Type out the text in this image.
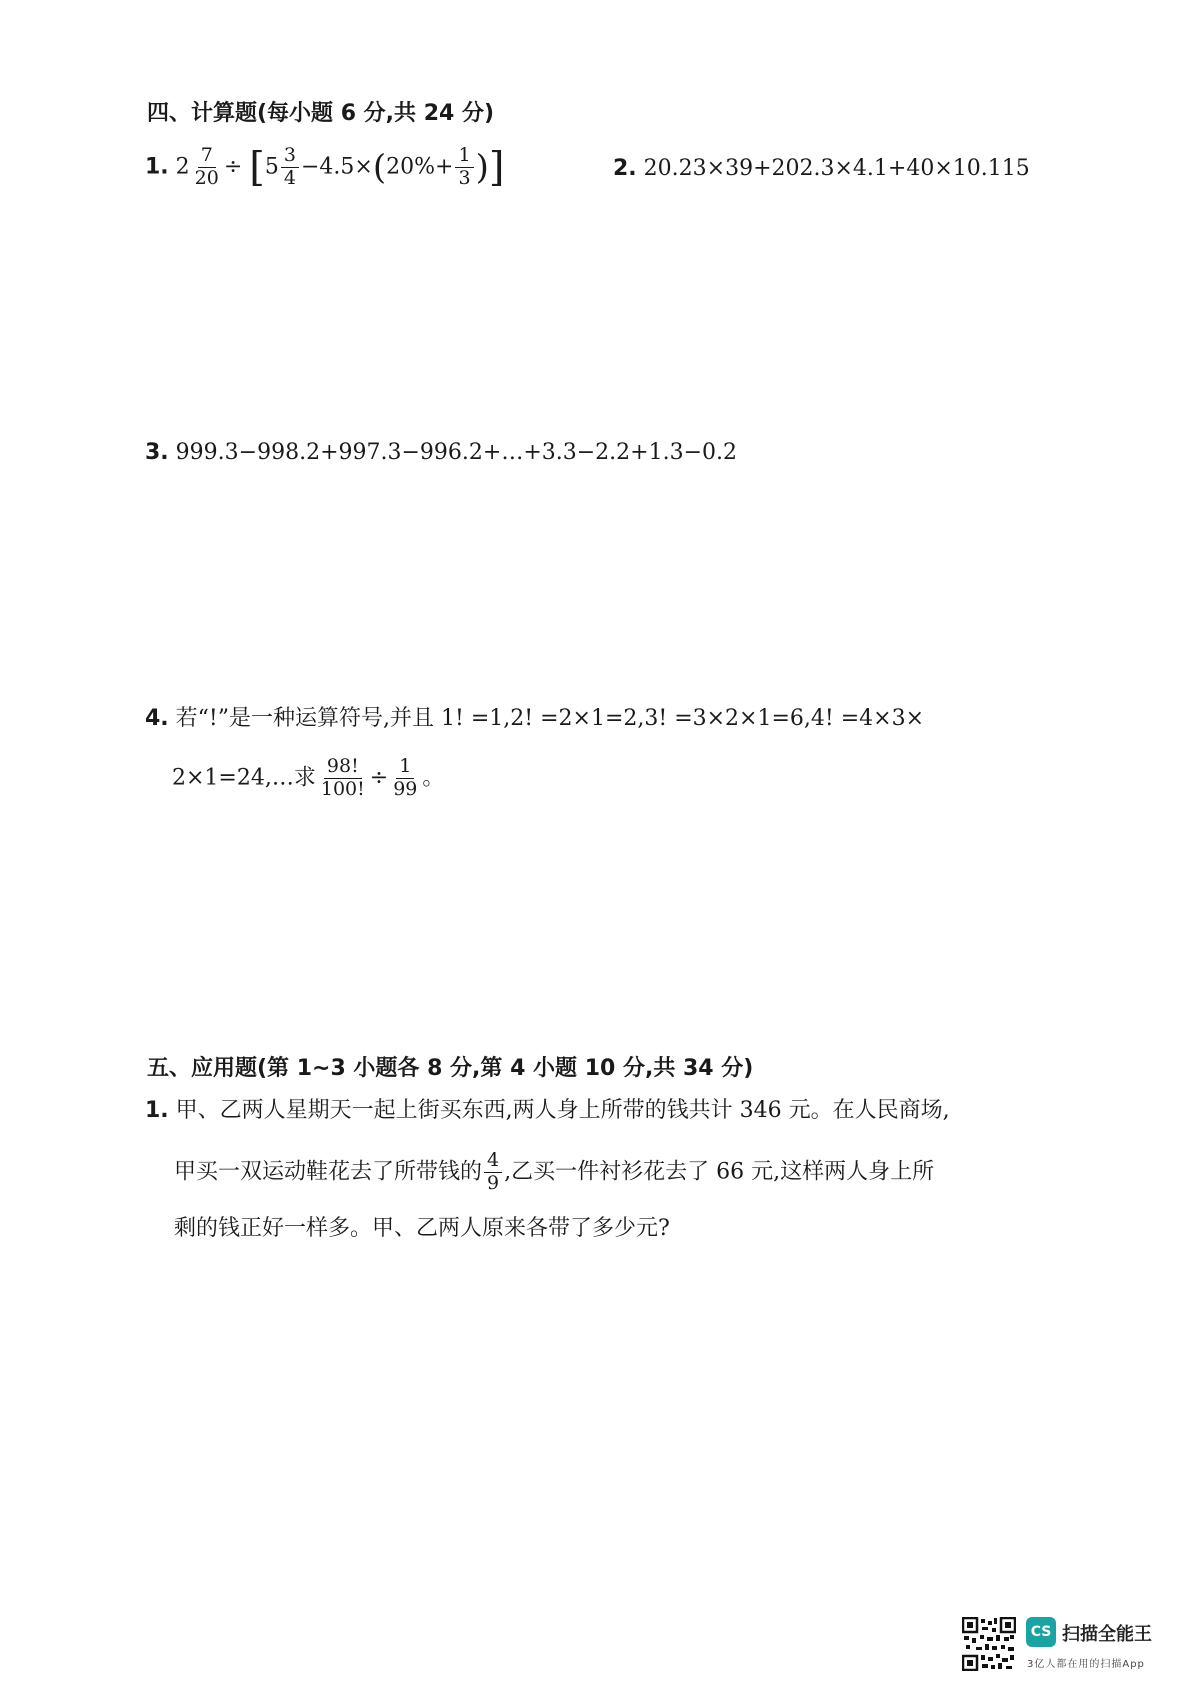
四、计算题(每小题 6 分,共 24 分)
1. $2 \frac{7}{20} \div [5 \frac{3}{4} -4.5\times(20\%+ \frac{1}{3}$ )]	2. 20.23×39+202.3×4.1+40×10.115
3. 999.3−998.2+997.3−996.2+…+3.3−2.2+1.3−0.2
4. 若“!”是一种运算符号,并且 1! =1,2! =2×1=2,3! =3×2×1=6,4! =4×3×
2×1=24,…求 $\frac{98!}{100!} \div \frac{1}{99}$ 。
五、应用题(第 1~3 小题各 8 分,第 4 小题 10 分,共 34 分)
1. 甲、乙两人星期天一起上街买东西,两人身上所带的钱共计 346 元。在人民商场,
甲买一双运动鞋花去了所带钱的 $\frac{4}{9}$ ,乙买一件衬衫花去了 66 元,这样两人身上所
剩的钱正好一样多。甲、乙两人原来各带了多少元?
CS 扫描全能王
3亿人都在用的扫描App
